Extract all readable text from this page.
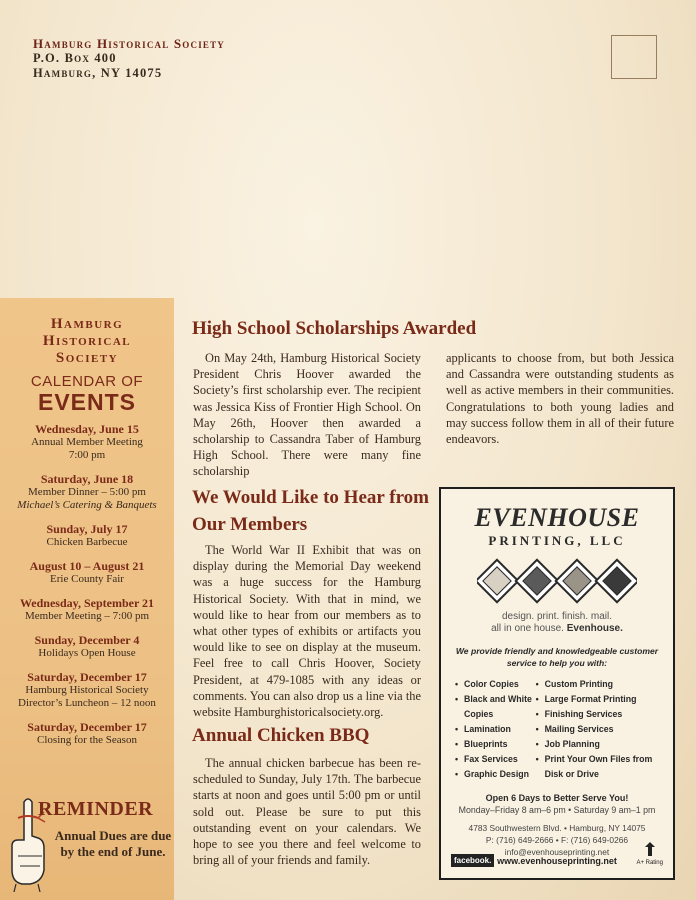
Hamburg Historical Society
P.O. Box 400
Hamburg, NY 14075
Hamburg
Historical
Society
CALENDAR OF
EVENTS
Wednesday, June 15
Annual Member Meeting
7:00 pm
Saturday, June 18
Member Dinner – 5:00 pm
Michael’s Catering & Banquets
Sunday, July 17
Chicken Barbecue
August 10 – August 21
Erie County Fair
Wednesday, September 21
Member Meeting – 7:00 pm
Sunday, December 4
Holidays Open House
Saturday, December 17
Hamburg Historical Society
Director’s Luncheon – 12 noon
Saturday, December 17
Closing for the Season
REMINDER
Annual Dues are due by the end of June.
High School Scholarships Awarded

On May 24th, Hamburg Historical Society President Chris Hoover awarded the Society’s first scholarship ever. The recipient was Jessica Kiss of Frontier High School. On May 26th, Hoover then awarded a scholarship to Cassandra Taber of Hamburg High School. There were many fine scholarship

applicants to choose from, but both Jessica and Cassandra were outstanding students as well as active members in their communities. Congratulations to both young ladies and may success follow them in all of their future endeavors.

We Would Like to Hear from Our Members

The World War II Exhibit that was on display during the Memorial Day weekend was a huge success for the Hamburg Historical Society. With that in mind, we would like to hear from our members as to what other types of exhibits or artifacts you would like to see on display at the museum. Feel free to call Chris Hoover, Society President, at 479-1085 with any ideas or comments. You can also drop us a line via the website Hamburghistoricalsociety.org.

Annual Chicken BBQ

The annual chicken barbecue has been re-scheduled to Sunday, July 17th. The barbecue starts at noon and goes until 5:00 pm or until sold out. Please be sure to put this outstanding event on your calendars. We hope to see you there and feel welcome to bring all of your friends and family.

EVENHOUSE
PRINTING, LLC
design. print. finish. mail.
all in one house. Evenhouse.
We provide friendly and knowledgeable customer service to help you with:
• Color Copies
• Black and White Copies
• Lamination
• Blueprints
• Fax Services
• Graphic Design
• Custom Printing
• Large Format Printing
• Finishing Services
• Mailing Services
• Job Planning
• Print Your Own Files from Disk or Drive
Open 6 Days to Better Serve You!
Monday–Friday 8 am–6 pm • Saturday 9 am–1 pm
4783 Southwestern Blvd. • Hamburg, NY 14075
P: (716) 649-2666 • F: (716) 649-0266
info@evenhouseprinting.net
facebook. www.evenhouseprinting.net	A+ Rating
